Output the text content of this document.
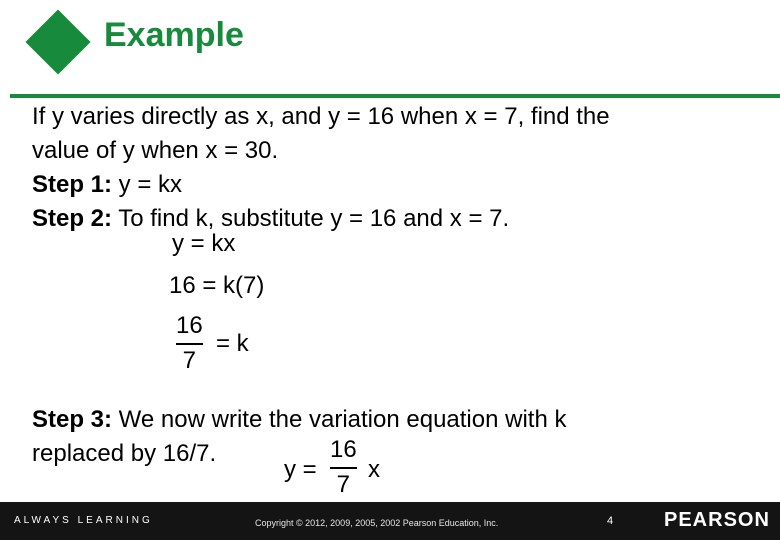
Example
If y varies directly as x, and y = 16 when x = 7, find the
value of y when x = 30.
Step 1: y = kx
Step 2: To find k, substitute y = 16 and x = 7.
y = kx
16 = k(7)
16
7
= k
Step 3: We now write the variation equation with k
replaced by 16/7.
y =
16
7
x
ALWAYS LEARNING	Copyright © 2012, 2009, 2005, 2002 Pearson Education, Inc.	4	PEARSON
